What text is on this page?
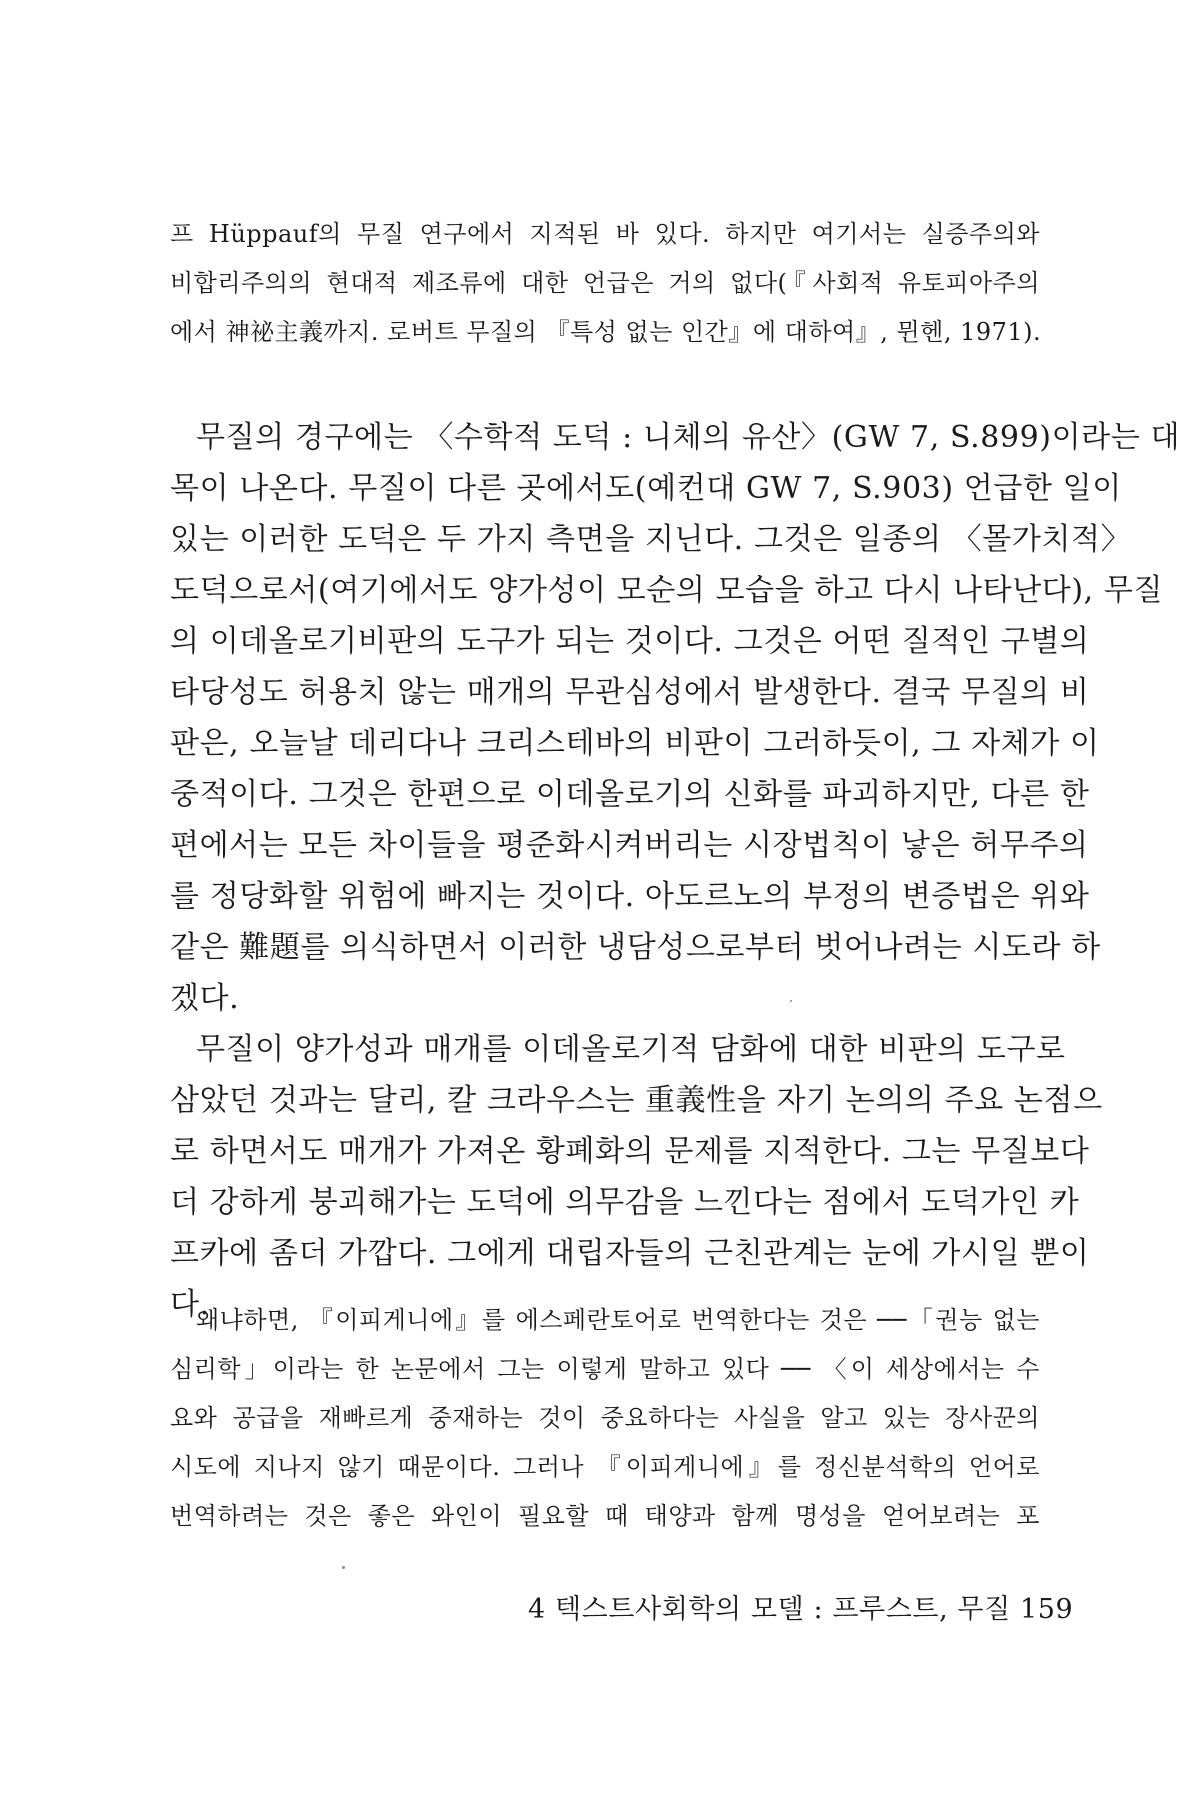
프 Hüppauf의 무질 연구에서 지적된 바 있다. 하지만 여기서는 실증주의와
비합리주의의 현대적 제조류에 대한 언급은 거의 없다(『사회적 유토피아주의
에서 神祕主義까지. 로버트 무질의 『특성 없는 인간』에 대하여』, 뮌헨, 1971).
무질의 경구에는 〈수학적 도덕 : 니체의 유산〉(GW 7, S.899)이라는 대
목이 나온다. 무질이 다른 곳에서도(예컨대 GW 7, S.903) 언급한 일이
있는 이러한 도덕은 두 가지 측면을 지닌다. 그것은 일종의 〈몰가치적〉
도덕으로서(여기에서도 양가성이 모순의 모습을 하고 다시 나타난다), 무질
의 이데올로기비판의 도구가 되는 것이다. 그것은 어떤 질적인 구별의
타당성도 허용치 않는 매개의 무관심성에서 발생한다. 결국 무질의 비
판은, 오늘날 데리다나 크리스테바의 비판이 그러하듯이, 그 자체가 이
중적이다. 그것은 한편으로 이데올로기의 신화를 파괴하지만, 다른 한
편에서는 모든 차이들을 평준화시켜버리는 시장법칙이 낳은 허무주의
를 정당화할 위험에 빠지는 것이다. 아도르노의 부정의 변증법은 위와
같은 難題를 의식하면서 이러한 냉담성으로부터 벗어나려는 시도라 하
겠다.
무질이 양가성과 매개를 이데올로기적 담화에 대한 비판의 도구로
삼았던 것과는 달리, 칼 크라우스는 重義性을 자기 논의의 주요 논점으
로 하면서도 매개가 가져온 황폐화의 문제를 지적한다. 그는 무질보다
더 강하게 붕괴해가는 도덕에 의무감을 느낀다는 점에서 도덕가인 카
프카에 좀더 가깝다. 그에게 대립자들의 근친관계는 눈에 가시일 뿐이
다.
왜냐하면, 『이피게니에』를 에스페란토어로 번역한다는 것은 ──「권능 없는
심리학」이라는 한 논문에서 그는 이렇게 말하고 있다 ── 〈이 세상에서는 수
요와 공급을 재빠르게 중재하는 것이 중요하다는 사실을 알고 있는 장사꾼의
시도에 지나지 않기 때문이다. 그러나 『이피게니에』를 정신분석학의 언어로
번역하려는 것은 좋은 와인이 필요할 때 태양과 함께 명성을 얻어보려는 포
4 텍스트사회학의 모델 : 프루스트, 무질 159
